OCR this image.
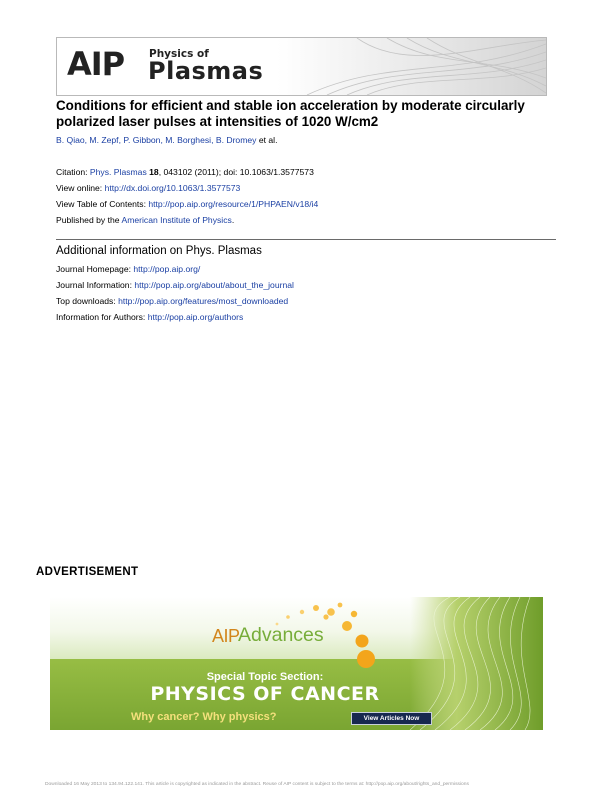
AIP Physics of
Plasmas
Conditions for efficient and stable ion acceleration by moderate circularly polarized laser pulses at intensities of 1020 W/cm2
B. Qiao, M. Zepf, P. Gibbon, M. Borghesi, B. Dromey et al.
Citation: Phys. Plasmas 18, 043102 (2011); doi: 10.1063/1.3577573
View online: http://dx.doi.org/10.1063/1.3577573
View Table of Contents: http://pop.aip.org/resource/1/PHPAEN/v18/i4
Published by the American Institute of Physics.
Additional information on Phys. Plasmas
Journal Homepage: http://pop.aip.org/
Journal Information: http://pop.aip.org/about/about_the_journal
Top downloads: http://pop.aip.org/features/most_downloaded
Information for Authors: http://pop.aip.org/authors
ADVERTISEMENT
AIP
Advances
Special Topic Section:
PHYSICS OF CANCER
Why cancer? Why physics?	View Articles Now
Downloaded 16 May 2013 to 134.94.122.141. This article is copyrighted as indicated in the abstract. Reuse of AIP content is subject to the terms at: http://pop.aip.org/about/rights_and_permissions
